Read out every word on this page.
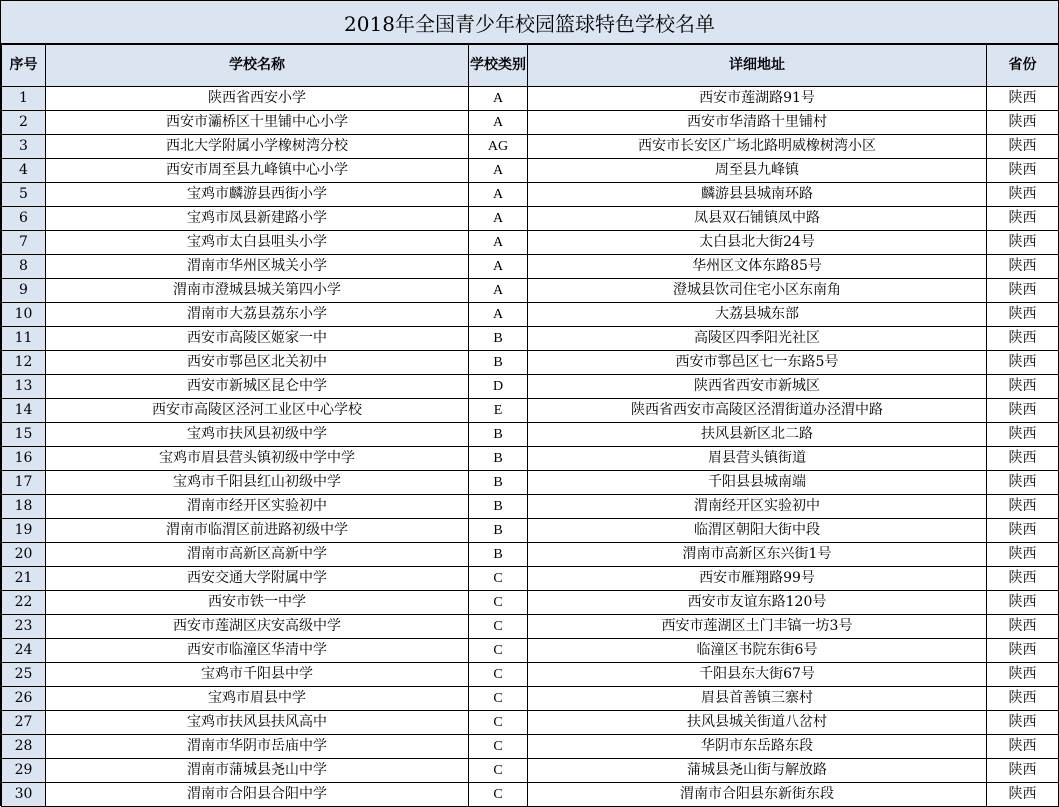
2018年全国青少年校园篮球特色学校名单
序号	学校名称	学校类别	详细地址	省份
1	陕西省西安小学	A	西安市莲湖路91号	陕西
2	西安市灞桥区十里铺中心小学	A	西安市华清路十里铺村	陕西
3	西北大学附属小学橡树湾分校	AG	西安市长安区广场北路明威橡树湾小区	陕西
4	西安市周至县九峰镇中心小学	A	周至县九峰镇	陕西
5	宝鸡市麟游县西街小学	A	麟游县县城南环路	陕西
6	宝鸡市凤县新建路小学	A	凤县双石铺镇凤中路	陕西
7	宝鸡市太白县咀头小学	A	太白县北大街24号	陕西
8	渭南市华州区城关小学	A	华州区文体东路85号	陕西
9	渭南市澄城县城关第四小学	A	澄城县饮司住宅小区东南角	陕西
10	渭南市大荔县荔东小学	A	大荔县城东部	陕西
11	西安市高陵区姬家一中	B	高陵区四季阳光社区	陕西
12	西安市鄠邑区北关初中	B	西安市鄠邑区七一东路5号	陕西
13	西安市新城区昆仑中学	D	陕西省西安市新城区	陕西
14	西安市高陵区泾河工业区中心学校	E	陕西省西安市高陵区泾渭街道办泾渭中路	陕西
15	宝鸡市扶风县初级中学	B	扶风县新区北二路	陕西
16	宝鸡市眉县营头镇初级中学中学	B	眉县营头镇街道	陕西
17	宝鸡市千阳县红山初级中学	B	千阳县县城南端	陕西
18	渭南市经开区实验初中	B	渭南经开区实验初中	陕西
19	渭南市临渭区前进路初级中学	B	临渭区朝阳大街中段	陕西
20	渭南市高新区高新中学	B	渭南市高新区东兴街1号	陕西
21	西安交通大学附属中学	C	西安市雁翔路99号	陕西
22	西安市铁一中学	C	西安市友谊东路120号	陕西
23	西安市莲湖区庆安高级中学	C	西安市莲湖区土门丰镐一坊3号	陕西
24	西安市临潼区华清中学	C	临潼区书院东街6号	陕西
25	宝鸡市千阳县中学	C	千阳县东大街67号	陕西
26	宝鸡市眉县中学	C	眉县首善镇三寨村	陕西
27	宝鸡市扶风县扶风高中	C	扶风县城关街道八岔村	陕西
28	渭南市华阴市岳庙中学	C	华阴市东岳路东段	陕西
29	渭南市蒲城县尧山中学	C	蒲城县尧山街与解放路	陕西
30	渭南市合阳县合阳中学	C	渭南市合阳县东新街东段	陕西
